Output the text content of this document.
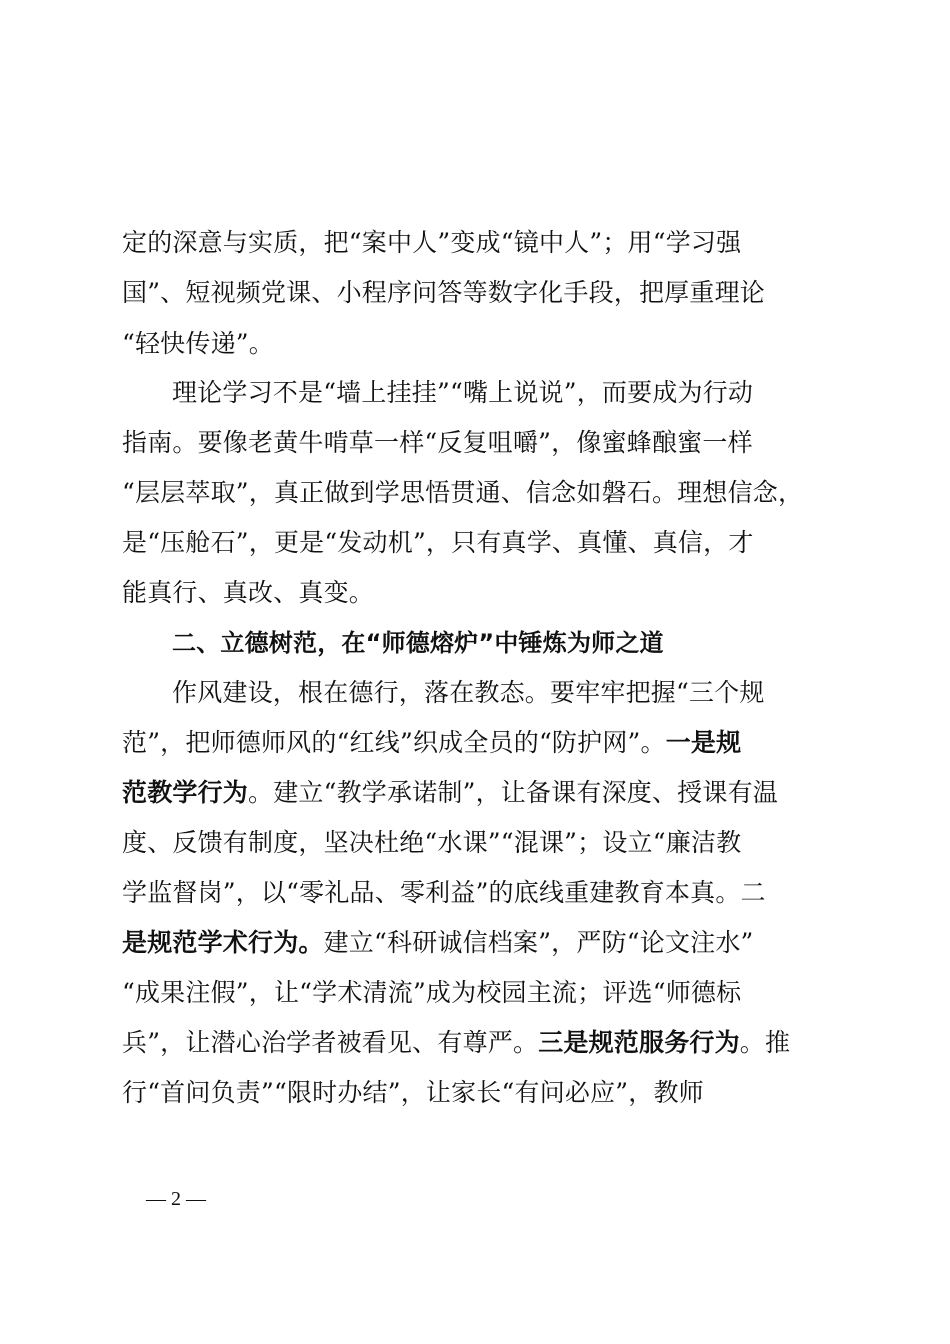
定的深意与实质，把“案中人”变成“镜中人”；用“学习强
国”、短视频党课、小程序问答等数字化手段，把厚重理论
“轻快传递”。
理论学习不是“墙上挂挂”“嘴上说说”，而要成为行动
指南。要像老黄牛啃草一样“反复咀嚼”，像蜜蜂酿蜜一样
“层层萃取”，真正做到学思悟贯通、信念如磐石。理想信念，
是“压舱石”，更是“发动机”，只有真学、真懂、真信，才
能真行、真改、真变。
二、立德树范，在“师德熔炉”中锤炼为师之道
作风建设，根在德行，落在教态。要牢牢把握“三个规
范”，把师德师风的“红线”织成全员的“防护网”。一是规
范教学行为。建立“教学承诺制”，让备课有深度、授课有温
度、反馈有制度，坚决杜绝“水课”“混课”；设立“廉洁教
学监督岗”，以“零礼品、零利益”的底线重建教育本真。二
是规范学术行为。建立“科研诚信档案”，严防“论文注水”
“成果注假”，让“学术清流”成为校园主流；评选“师德标
兵”，让潜心治学者被看见、有尊严。三是规范服务行为。推
行“首问负责”“限时办结”，让家长“有问必应”，教师
— 2 —
